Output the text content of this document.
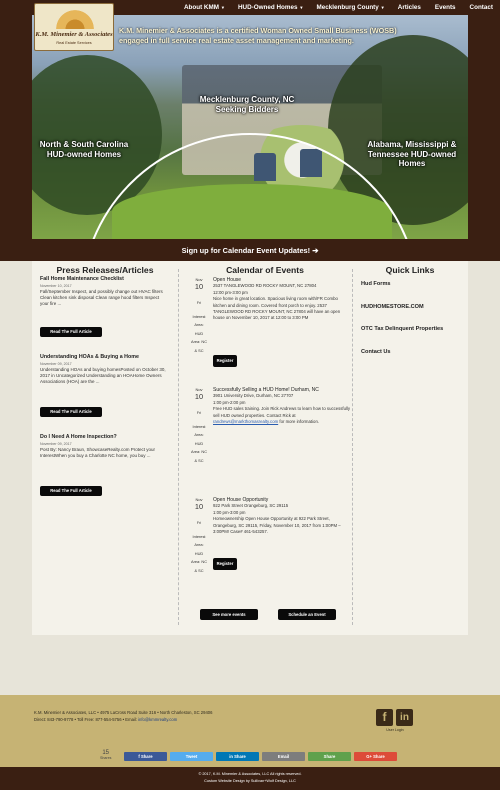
About KMM ▾	HUD-Owned Homes ▾	Mecklenburg County ▾	Articles	Events	Contact
K.M. Minemier & Associates is a certified Woman Owned Small Business (WOSB) engaged in full service real estate asset management and marketing.
Mecklenburg County, NC Seeking Bidders
North & South Carolina HUD-owned Homes
Alabama, Mississippi & Tennessee HUD-owned Homes
K.M. Minemier & Associates
Real Estate Services
Sign up for Calendar Event Updates! ➔
Press Releases/Articles
Fall Home Maintenance Checklist
November 10, 2017
Fall/September Inspect, and possibly change out HVAC filters Clean kitchen sink disposal Clean range hood filters Inspect your fire ...
Read The Full Article
Understanding HOAs & Buying a Home
November 09, 2017
Understanding HOAs and buying homesPosted on October 30, 2017 in Uncategorized Understanding an HOAHome Owners Associations (HOA) are the ...
Read The Full Article
Do I Need A Home Inspection?
November 09, 2017
Post By: Nancy Braun, ShowcaseRealty.com Protect your InterestWhen you buy a Charlotte NC home, you buy ...
Read The Full Article
Calendar of Events
Nov
10
Fri
Interest Area: HUD Area: NC & SC
Open House
2537 TANGLEWOOD RD ROCKY MOUNT, NC 27804
12:00 pm-3:00 pm
Nice home in great location. Spacious living room with/FR Combo kitchen and dining room. Covered front porch to enjoy. 2537 TANGLEWOOD RD ROCKY MOUNT, NC 27804 will have an open house on November 10, 2017 at 12:00 to 3:00 PM
Register
Nov
10
Fri
Interest Area: HUD Area: NC & SC
Successfully Selling a HUD Home! Durham, NC
3901 University Drive, Durham, NC 27707
1:00 pm-2:00 pm
Free HUD sales training. Join Rick Andrews to learn how to successfully sell HUD owned properties. Contact Rick at randrews@markthomasrealty.com for more information.
Nov
10
Fri
Interest Area: HUD Area: NC & SC
Open House Opportunity
922 Park Street Orangeburg, SC 29115
1:00 pm-3:00 pm
Homeownership Open House Opportunity at 922 Park Street, Orangeburg, SC 29115, Friday, November 10, 2017 from 1:00PM – 3:00PM! Case# 461-543257.
Register
See more events	Schedule an Event
Quick Links
Hud Forms
HUDHOMESTORE.COM
OTC Tax Delinquent Properties
Contact Us
K.M. Minemier & Associates, LLC • 4975 LaCross Road Suite 316 • North Charleston, SC 29406
Direct: 843-790-9778 • Toll Free: 877-554-5756 • Email: info@kmmrealty.com	f	in
User Login
15
Shares	f Share	Tweet	in Share	Email	Share	G+ Share
© 2017, K.M. Minemier & Associates, LLC All rights reserved.
Custom Website Design by Sullivan+Wolf Design, LLC
